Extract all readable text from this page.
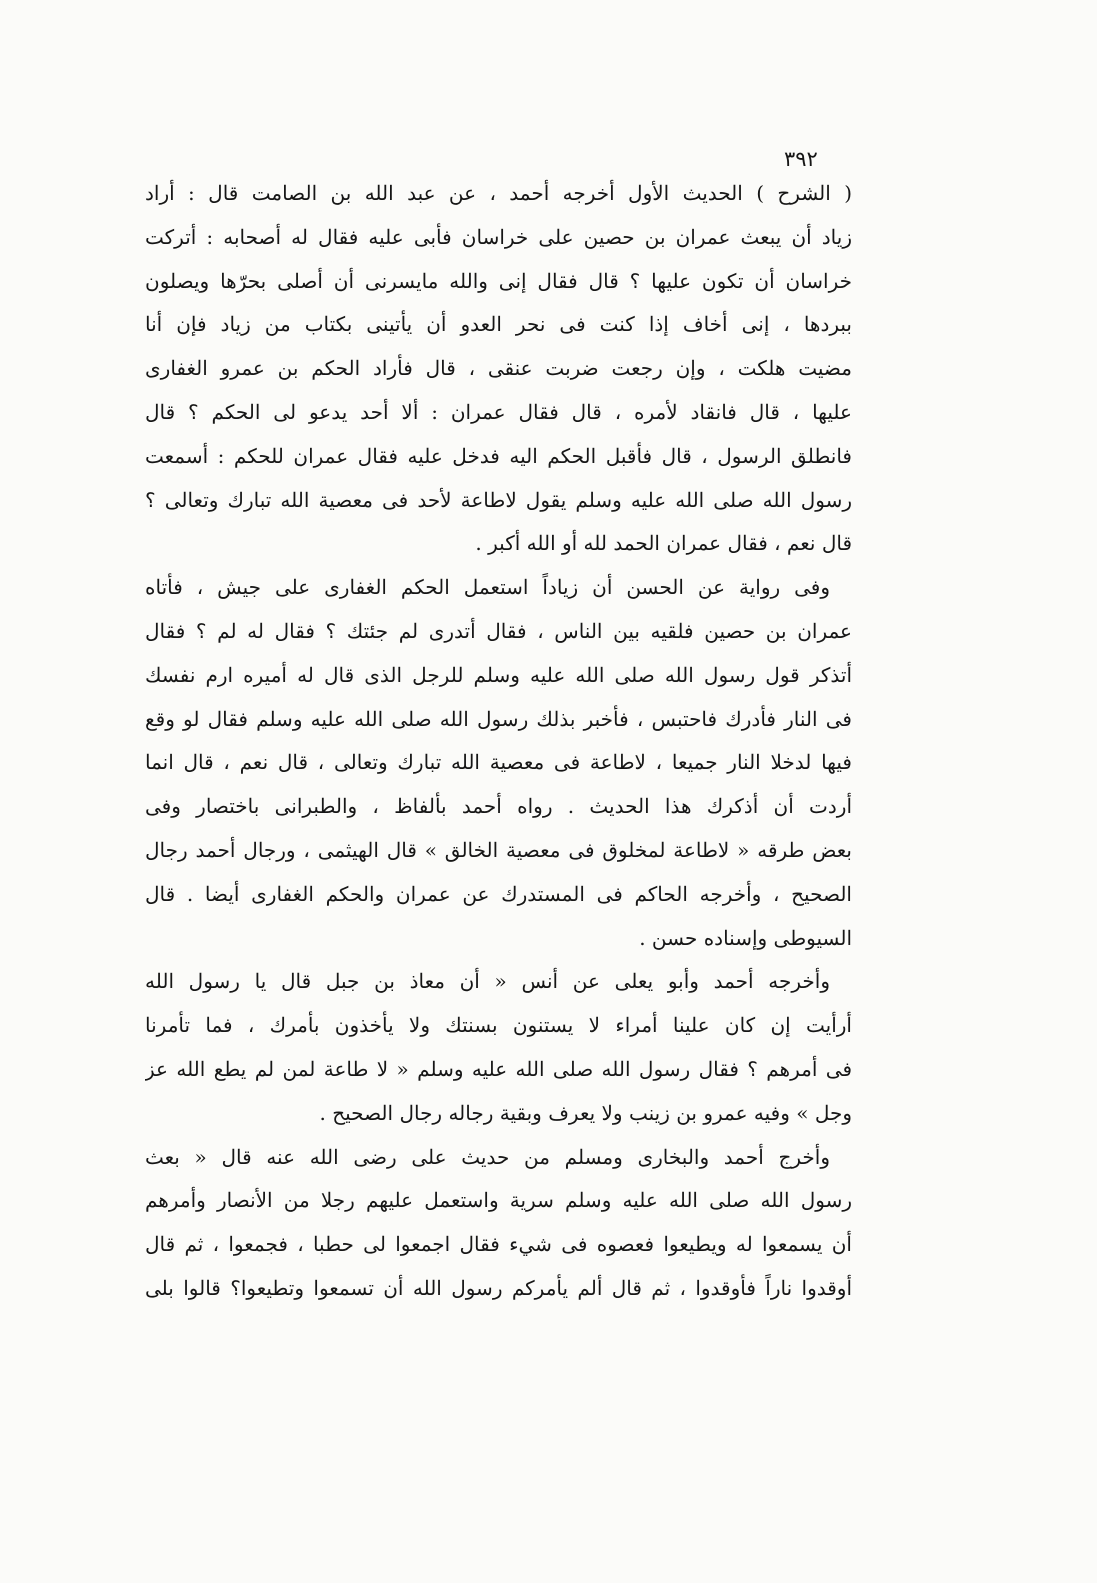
٣٩٢
( الشرح ) الحديث الأول أخرجه أحمد ، عن عبد الله بن الصامت قال : أراد
زياد أن يبعث عمران بن حصين على خراسان فأبى عليه فقال له أصحابه : أتركت
خراسان أن تكون عليها ؟ قال فقال إنى والله مايسرنى أن أصلى بحرّها ويصلون
ببردها ، إنى أخاف إذا كنت فى نحر العدو أن يأتينى بكتاب من زياد فإن أنا
مضيت هلكت ، وإن رجعت ضربت عنقى ، قال فأراد الحكم بن عمرو الغفارى
عليها ، قال فانقاد لأمره ، قال فقال عمران : ألا أحد يدعو لى الحكم ؟ قال
فانطلق الرسول ، قال فأقبل الحكم اليه فدخل عليه فقال عمران للحكم : أسمعت
رسول الله صلى الله عليه وسلم يقول لاطاعة لأحد فى معصية الله تبارك وتعالى ؟
قال نعم ، فقال عمران الحمد لله أو الله أكبر .
وفى رواية عن الحسن أن زياداً استعمل الحكم الغفارى على جيش ، فأتاه
عمران بن حصين فلقيه بين الناس ، فقال أتدرى لم جئتك ؟ فقال له لم ؟ فقال
أتذكر قول رسول الله صلى الله عليه وسلم للرجل الذى قال له أميره ارم نفسك
فى النار فأدرك فاحتبس ، فأخبر بذلك رسول الله صلى الله عليه وسلم فقال لو وقع
فيها لدخلا النار جميعا ، لاطاعة فى معصية الله تبارك وتعالى ، قال نعم ، قال انما
أردت أن أذكرك هذا الحديث . رواه أحمد بألفاظ ، والطبرانى باختصار وفى
بعض طرقه « لاطاعة لمخلوق فى معصية الخالق » قال الهيثمى ، ورجال أحمد رجال
الصحيح ، وأخرجه الحاكم فى المستدرك عن عمران والحكم الغفارى أيضا . قال
السيوطى وإسناده حسن .
وأخرجه أحمد وأبو يعلى عن أنس « أن معاذ بن جبل قال يا رسول الله
أرأيت إن كان علينا أمراء لا يستنون بسنتك ولا يأخذون بأمرك ، فما تأمرنا
فى أمرهم ؟ فقال رسول الله صلى الله عليه وسلم « لا طاعة لمن لم يطع الله عز
وجل » وفيه عمرو بن زينب ولا يعرف وبقية رجاله رجال الصحيح .
وأخرج أحمد والبخارى ومسلم من حديث على رضى الله عنه قال « بعث
رسول الله صلى الله عليه وسلم سرية واستعمل عليهم رجلا من الأنصار وأمرهم
أن يسمعوا له ويطيعوا فعصوه فى شيء فقال اجمعوا لى حطبا ، فجمعوا ، ثم قال
أوقدوا ناراً فأوقدوا ، ثم قال ألم يأمركم رسول الله أن تسمعوا وتطيعوا؟ قالوا بلى
